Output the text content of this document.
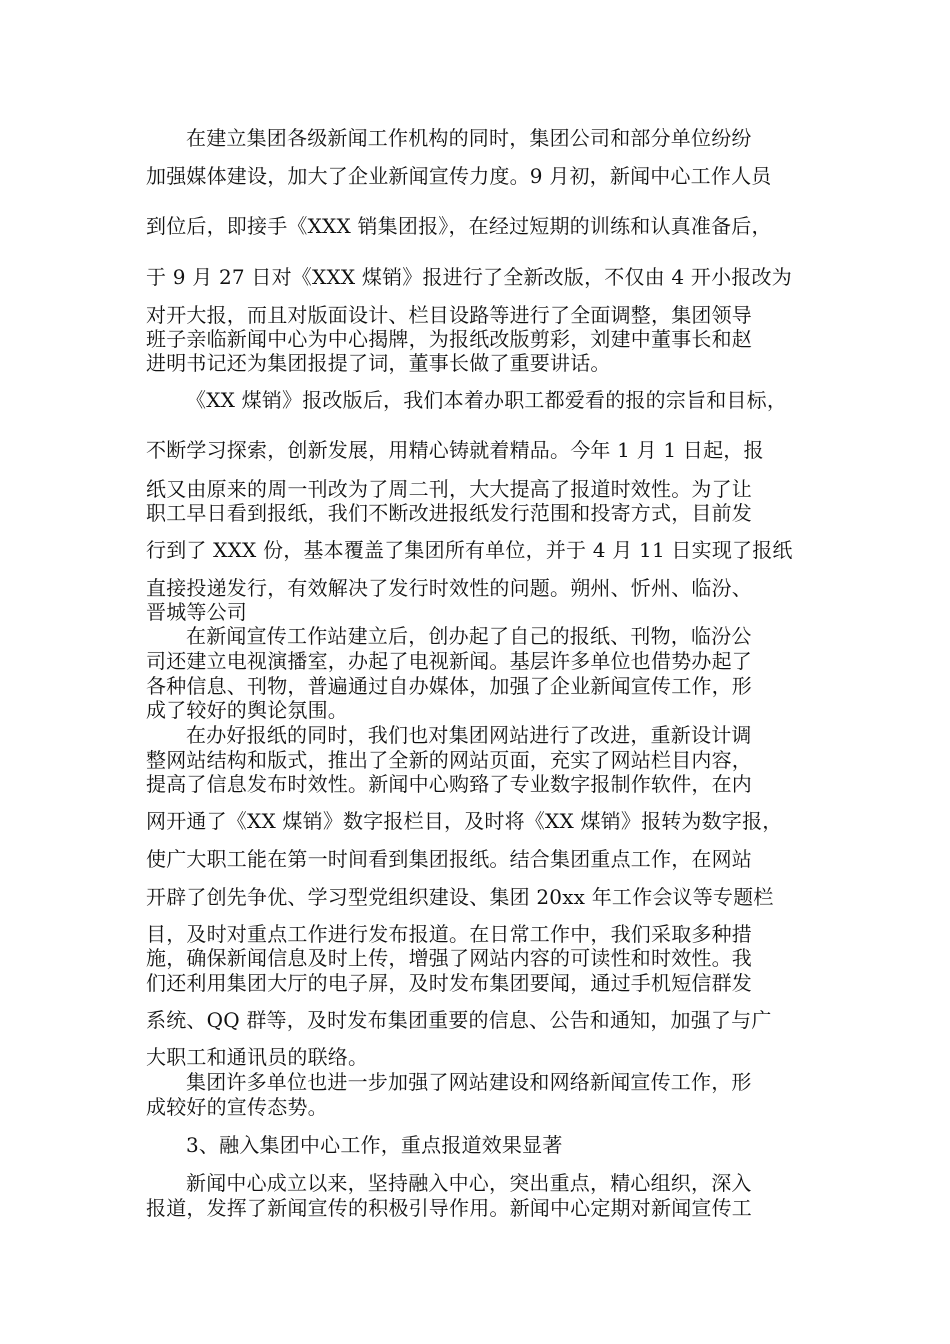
在建立集团各级新闻工作机构的同时，集团公司和部分单位纷纷
加强媒体建设，加大了企业新闻宣传力度。9 月初，新闻中心工作人员
到位后，即接手《XXX 销集团报》，在经过短期的训练和认真准备后，
于 9 月 27 日对《XXX 煤销》报进行了全新改版，不仅由 4 开小报改为
对开大报，而且对版面设计、栏目设路等进行了全面调整，集团领导
班子亲临新闻中心为中心揭牌，为报纸改版剪彩，刘建中董事长和赵
进明书记还为集团报提了词，董事长做了重要讲话。
《XX 煤销》报改版后，我们本着办职工都爱看的报的宗旨和目标，
不断学习探索，创新发展，用精心铸就着精品。今年 1 月 1 日起，报
纸又由原来的周一刊改为了周二刊，大大提高了报道时效性。为了让
职工早日看到报纸，我们不断改进报纸发行范围和投寄方式，目前发
行到了 XXX 份，基本覆盖了集团所有单位，并于 4 月 11 日实现了报纸
直接投递发行，有效解决了发行时效性的问题。朔州、忻州、临汾、
晋城等公司
在新闻宣传工作站建立后，创办起了自己的报纸、刊物，临汾公
司还建立电视演播室，办起了电视新闻。基层许多单位也借势办起了
各种信息、刊物，普遍通过自办媒体，加强了企业新闻宣传工作，形
成了较好的舆论氛围。
在办好报纸的同时，我们也对集团网站进行了改进，重新设计调
整网站结构和版式，推出了全新的网站页面，充实了网站栏目内容，
提高了信息发布时效性。新闻中心购臵了专业数字报制作软件，在内
网开通了《XX 煤销》数字报栏目，及时将《XX 煤销》报转为数字报，
使广大职工能在第一时间看到集团报纸。结合集团重点工作，在网站
开辟了创先争优、学习型党组织建设、集团 20xx 年工作会议等专题栏
目，及时对重点工作进行发布报道。在日常工作中，我们采取多种措
施，确保新闻信息及时上传，增强了网站内容的可读性和时效性。我
们还利用集团大厅的电子屏，及时发布集团要闻，通过手机短信群发
系统、QQ 群等，及时发布集团重要的信息、公告和通知，加强了与广
大职工和通讯员的联络。
集团许多单位也进一步加强了网站建设和网络新闻宣传工作，形
成较好的宣传态势。
3、融入集团中心工作，重点报道效果显著
新闻中心成立以来，坚持融入中心，突出重点，精心组织，深入
报道，发挥了新闻宣传的积极引导作用。新闻中心定期对新闻宣传工
